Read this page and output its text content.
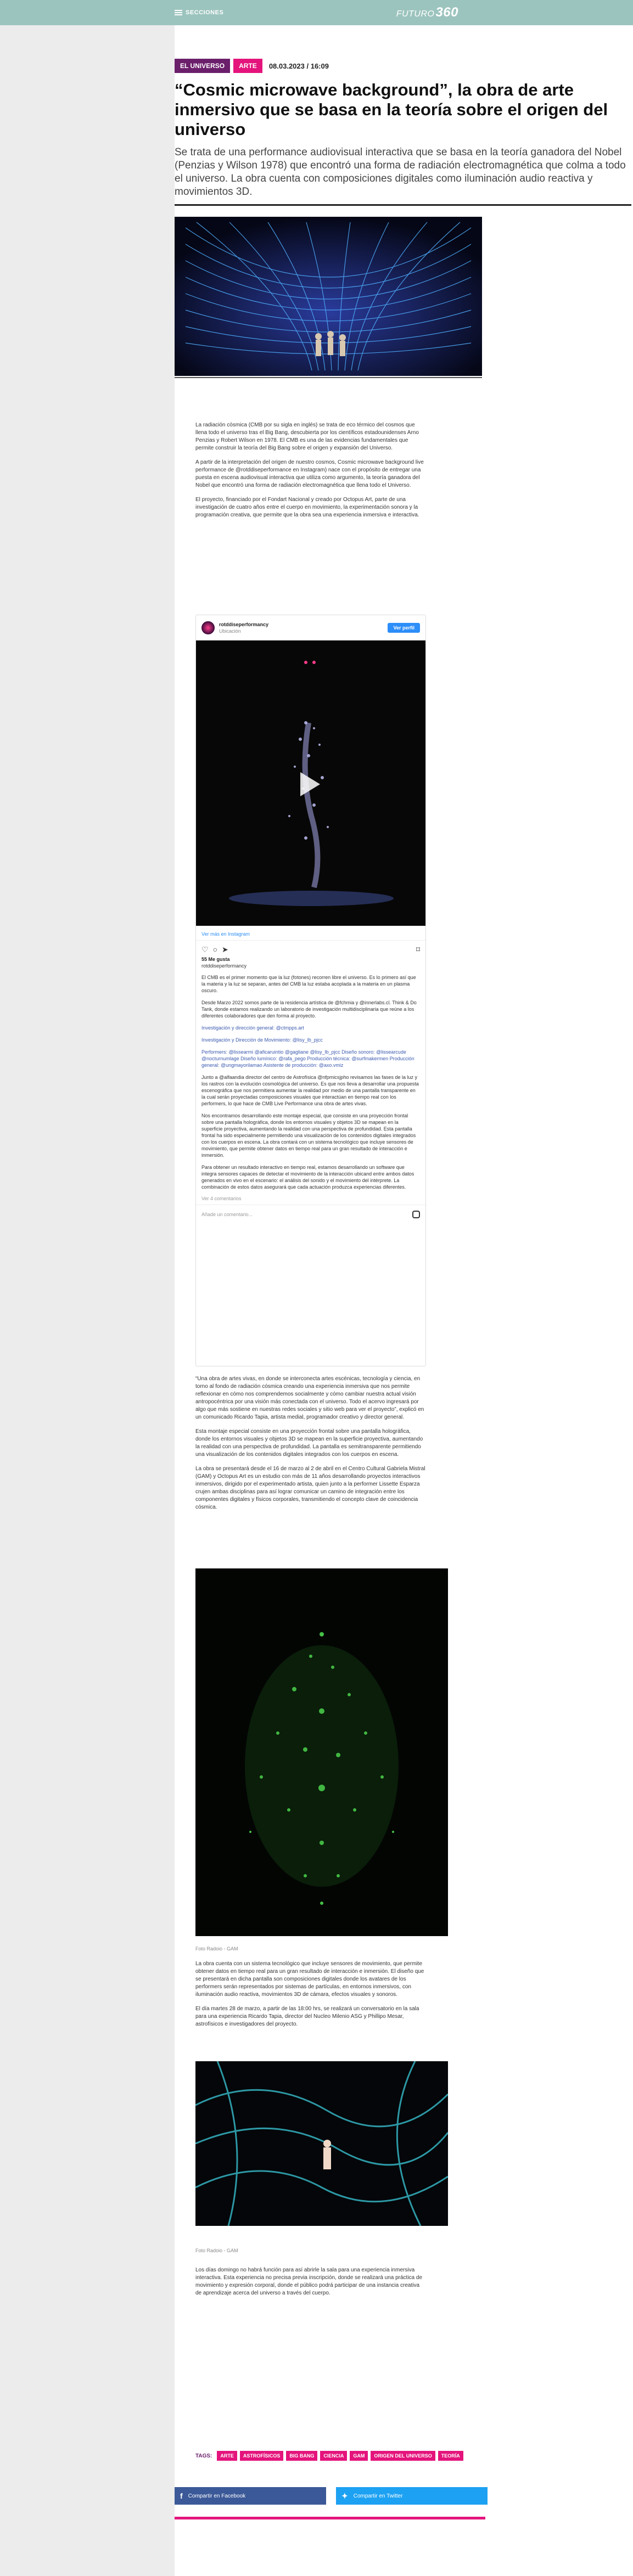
SECCIONES	FUTURO360
EL UNIVERSO	ARTE	08.03.2023 / 16:09
“Cosmic microwave background”, la obra de arte inmersivo que se basa en la teoría sobre el origen del universo

Se trata de una performance audiovisual interactiva que se basa en la teoría ganadora del Nobel (Penzias y Wilson 1978) que encontró una forma de radiación electromagnética que colma a todo el universo. La obra cuenta con composiciones digitales como iluminación audio reactiva y movimientos 3D.

La radiación cósmica (CMB por su sigla en inglés) se trata de eco térmico del cosmos que llena todo el universo tras el Big Bang, descubierta por los científicos estadounidenses Arno Penzias y Robert Wilson en 1978. El CMB es una de las evidencias fundamentales que permite construir la teoría del Big Bang sobre el origen y expansión del Universo.

A partir de la interpretación del origen de nuestro cosmos, Cosmic microwave background live performance de @rotddiseperformance en Instagram) nace con el propósito de entregar una puesta en escena audiovisual interactiva que utiliza como argumento, la teoría ganadora del Nobel que encontró una forma de radiación electromagnética que llena todo el Universo.

El proyecto, financiado por el Fondart Nacional y creado por Octopus Art, parte de una investigación de cuatro años entre el cuerpo en movimiento, la experimentación sonora y la programación creativa, que permite que la obra sea una experiencia inmersiva e interactiva.

rotddiseperformancy
Ubicación
Ver perfil
Ver más en Instagram
♡ ○ ➤	⌑
55 Me gusta
rotddiseperformancy

El CMB es el primer momento que la luz (fotones) recorren libre el universo. Es lo primero así que la materia y la luz se separan, antes del CMB la luz estaba acoplada a la materia en un plasma oscuro.

Desde Marzo 2022 somos parte de la residencia artística de @fchmia y @innerlabs.cl. Think & Do Tank, donde estamos realizando un laboratorio de investigación multidisciplinaria que reúne a los diferentes colaboradores que den forma al proyecto.

Investigación y dirección general: @ctmpps.art

Investigación y Dirección de Movimiento: @lisy_lb_pjcc

Performers: @lissearmi @aficaruintio @gagliane @lisy_lb_pjcc Diseño sonoro: @lissearcude @nocturnumlage Diseño lumínico: @rafa_pego Producción técnica: @surfmakermen Producción general: @ungmayorilamao Asistente de producción: @axo.vmiz

Junto a @alfaandia director del centro de Astrofísica @nfpmicsjpho revisamos las fases de la luz y los rastros con la evolución cosmológica del universo. Es que nos lleva a desarrollar una propuesta escenográfica que nos permitiera aumentar la realidad por medio de una pantalla transparente en la cual serán proyectadas composiciones visuales que interactúan en tiempo real con los performers, lo que hace de CMB Live Performance una obra de artes vivas.

Nos encontramos desarrollando este montaje especial, que consiste en una proyección frontal sobre una pantalla holográfica, donde los entornos visuales y objetos 3D se mapean en la superficie proyectiva, aumentando la realidad con una perspectiva de profundidad. Esta pantalla frontal ha sido especialmente permitiendo una visualización de los contenidos digitales integrados con los cuerpos en escena. La obra contará con un sistema tecnológico que incluye sensores de movimiento, que permite obtener datos en tiempo real para un gran resultado de interacción e inmersión.

Para obtener un resultado interactivo en tiempo real, estamos desarrollando un software que integra sensores capaces de detectar el movimiento de la interacción ubicand entre ambos datos generados en vivo en el escenario: el análisis del sonido y el movimiento del intérprete. La combinación de estos datos asegurará que cada actuación produzca experiencias diferentes.

Ver 4 comentarios
Añade un comentario...

“Una obra de artes vivas, en donde se interconecta artes escénicas, tecnología y ciencia, en torno al fondo de radiación cósmica creando una experiencia inmersiva que nos permite reflexionar en cómo nos comprendemos socialmente y cómo cambiar nuestra actual visión antropocéntrica por una visión más conectada con el universo. Todo el acervo ingresará por algo que más sostiene en nuestras redes sociales y sitio web para ver el proyecto”, explicó en un comunicado Ricardo Tapia, artista medial, programador creativo y director general.

Esta montaje especial consiste en una proyección frontal sobre una pantalla holográfica, donde los entornos visuales y objetos 3D se mapean en la superficie proyectiva, aumentando la realidad con una perspectiva de profundidad. La pantalla es semitransparente permitiendo una visualización de los contenidos digitales integrados con los cuerpos en escena.

La obra se presentará desde el 16 de marzo al 2 de abril en el Centro Cultural Gabriela Mistral (GAM) y Octopus Art es un estudio con más de 11 años desarrollando proyectos interactivos inmersivos, dirigido por el experimentado artista, quien junto a la performer Lissette Esparza crujen ambas disciplinas para así lograr comunicar un camino de integración entre los componentes digitales y físicos corporales, transmitiendo el concepto clave de coincidencia cósmica.

Foto Radoio - GAM

La obra cuenta con un sistema tecnológico que incluye sensores de movimiento, que permite obtener datos en tiempo real para un gran resultado de interacción e inmersión. El diseño que se presentará en dicha pantalla son composiciones digitales donde los avatares de los performers serán representados por sistemas de partículas, en entornos inmersivos, con iluminación audio reactiva, movimientos 3D de cámara, efectos visuales y sonoros.

El día martes 28 de marzo, a partir de las 18:00 hrs, se realizará un conversatorio en la sala para una experiencia Ricardo Tapia, director del Nucleo Milenio ASG y Phillipo Mesar, astrofísicos e investigadores del proyecto.

Foto Radoio - GAM

Los días domingo no habrá función para así abrirle la sala para una experiencia inmersiva interactiva. Esta experiencia no precisa previa inscripción, donde se realizará una práctica de movimiento y expresión corporal, donde el público podrá participar de una instancia creativa de aprendizaje acerca del universo a través del cuerpo.

TAGS:	ARTE	ASTROFÍSICOS	BIG BANG	CIENCIA	GAM	ORIGEN DEL UNIVERSO	TEORÍA
f Compartir en Facebook	✦ Compartir en Twitter
